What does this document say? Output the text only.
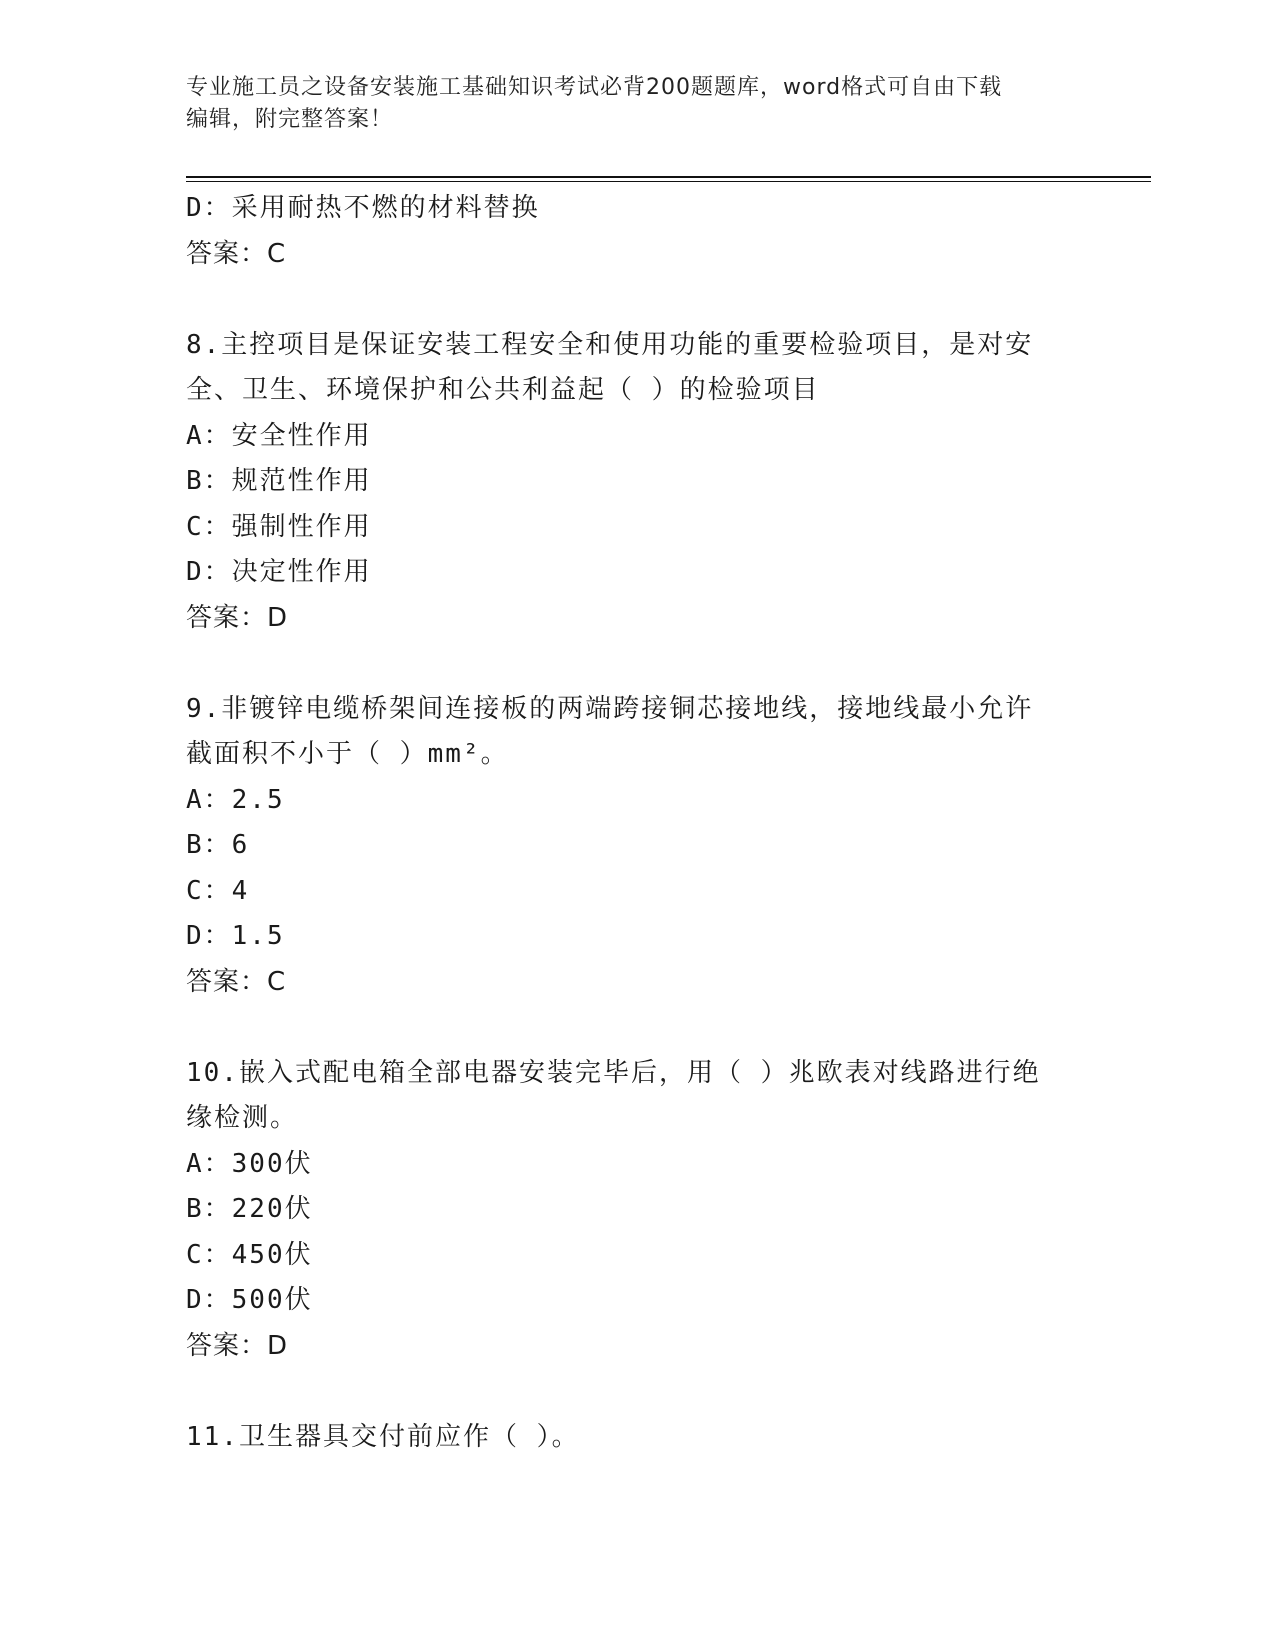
专业施工员之设备安装施工基础知识考试必背200题题库，word格式可自由下载
编辑，附完整答案！
D：采用耐热不燃的材料替换
答案：C
8.主控项目是保证安装工程安全和使用功能的重要检验项目，是对安
全、卫生、环境保护和公共利益起（ ）的检验项目
A：安全性作用
B：规范性作用
C：强制性作用
D：决定性作用
答案：D
9.非镀锌电缆桥架间连接板的两端跨接铜芯接地线，接地线最小允许
截面积不小于（ ）mm²。
A：2.5
B：6
C：4
D：1.5
答案：C
10.嵌入式配电箱全部电器安装完毕后，用（ ）兆欧表对线路进行绝
缘检测。
A：300伏
B：220伏
C：450伏
D：500伏
答案：D
11.卫生器具交付前应作（ ）。
